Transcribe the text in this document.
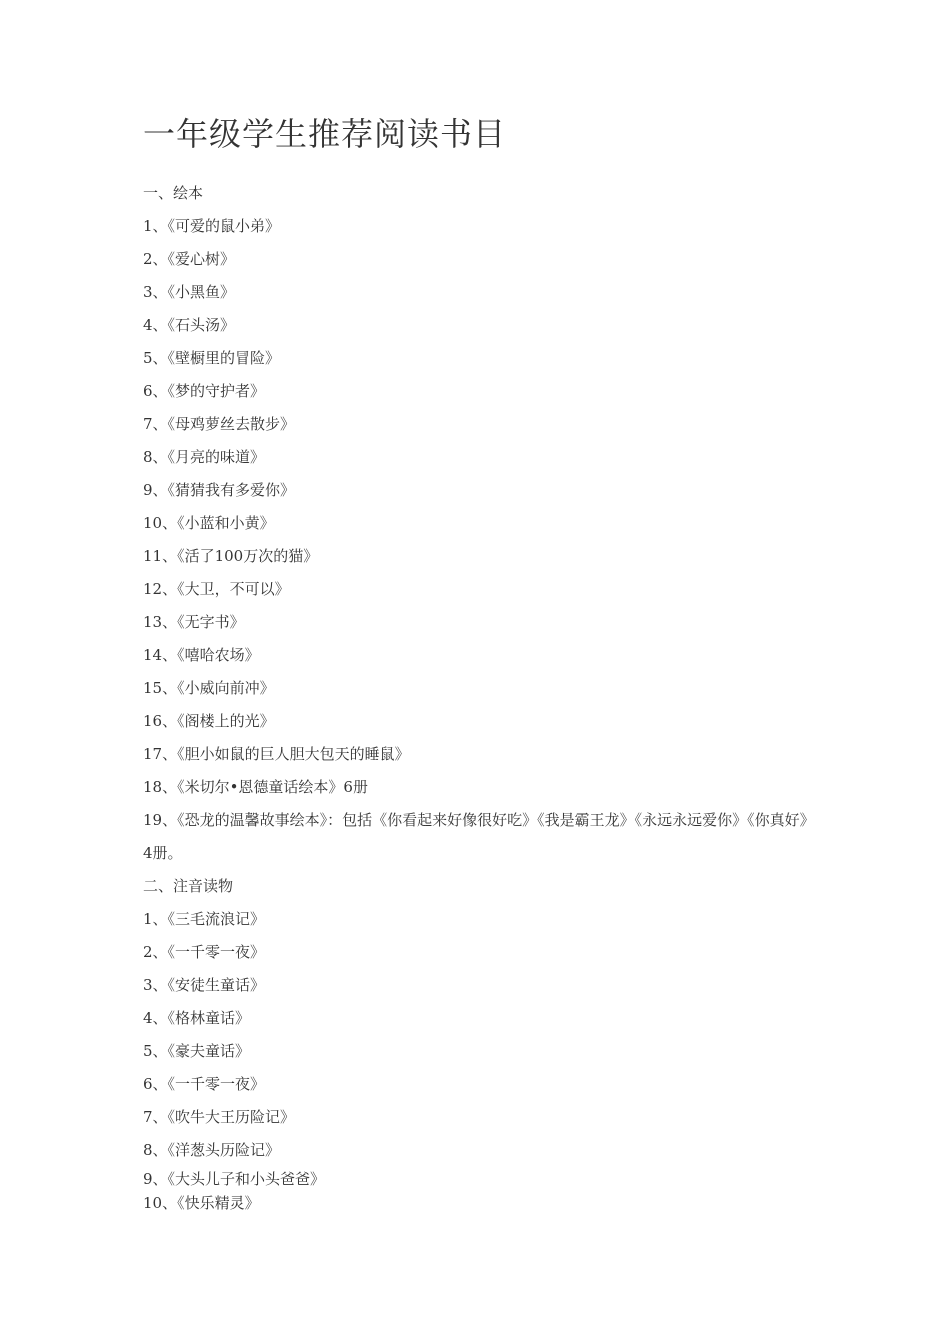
一年级学生推荐阅读书目
一、绘本
1、《可爱的鼠小弟》
2、《爱心树》
3、《小黑鱼》
4、《石头汤》
5、《壁橱里的冒险》
6、《梦的守护者》
7、《母鸡萝丝去散步》
8、《月亮的味道》
9、《猜猜我有多爱你》
10、《小蓝和小黄》
11、《活了100万次的猫》
12、《大卫，不可以》
13、《无字书》
14、《嘻哈农场》
15、《小威向前冲》
16、《阁楼上的光》
17、《胆小如鼠的巨人胆大包天的睡鼠》
18、《米切尔•恩德童话绘本》6册
19、《恐龙的温馨故事绘本》：包括《你看起来好像很好吃》《我是霸王龙》《永远永远爱你》《你真好》4册。
二、注音读物
1、《三毛流浪记》
2、《一千零一夜》
3、《安徒生童话》
4、《格林童话》
5、《豪夫童话》
6、《一千零一夜》
7、《吹牛大王历险记》
8、《洋葱头历险记》
9、《大头儿子和小头爸爸》
10、《快乐精灵》
